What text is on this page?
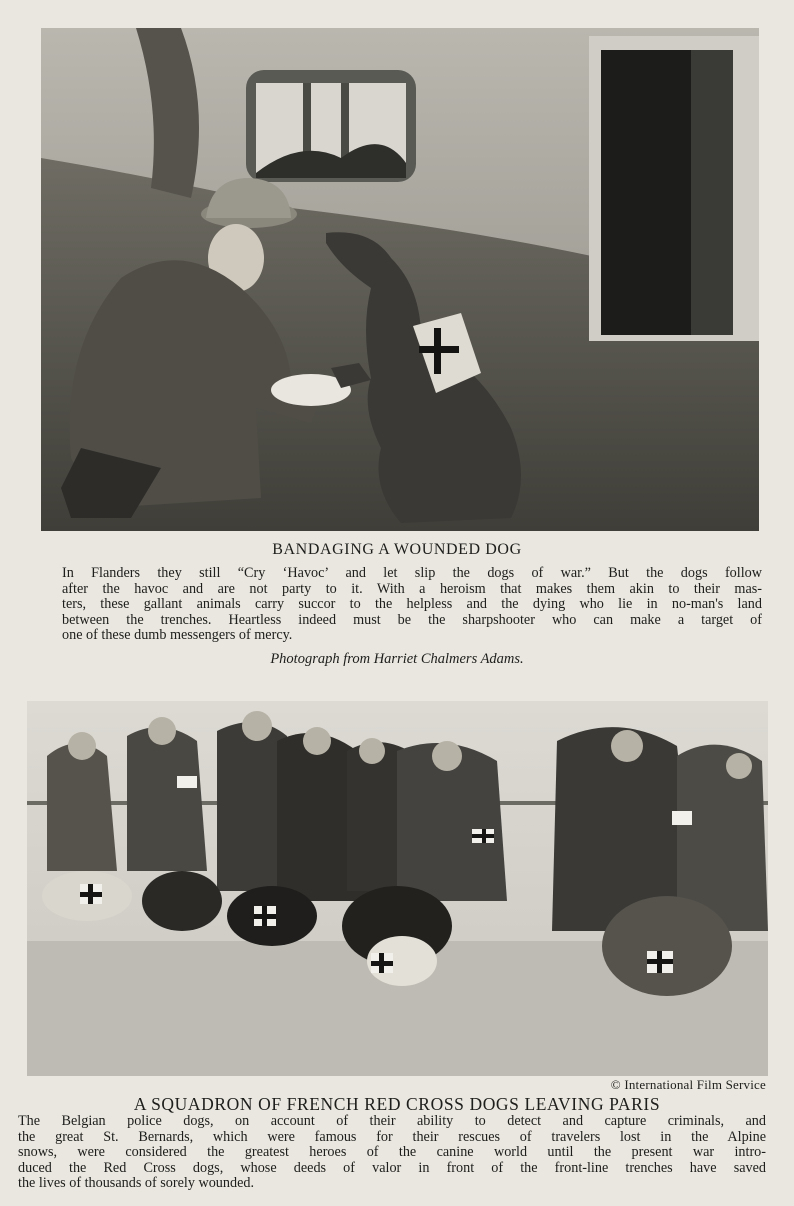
BANDAGING A WOUNDED DOG

In Flanders they still “Cry ‘Havoc’ and let slip the dogs of war.” But the dogs follow
after the havoc and are not party to it. With a heroism that makes them akin to their mas-
ters, these gallant animals carry succor to the helpless and the dying who lie in no-man's land
between the trenches. Heartless indeed must be the sharpshooter who can make a target of
one of these dumb messengers of mercy.

Photograph from Harriet Chalmers Adams.
© International Film Service
A SQUADRON OF FRENCH RED CROSS DOGS LEAVING PARIS

The Belgian police dogs, on account of their ability to detect and capture criminals, and
the great St. Bernards, which were famous for their rescues of travelers lost in the Alpine
snows, were considered the greatest heroes of the canine world until the present war intro-
duced the Red Cross dogs, whose deeds of valor in front of the front-line trenches have saved
the lives of thousands of sorely wounded.
